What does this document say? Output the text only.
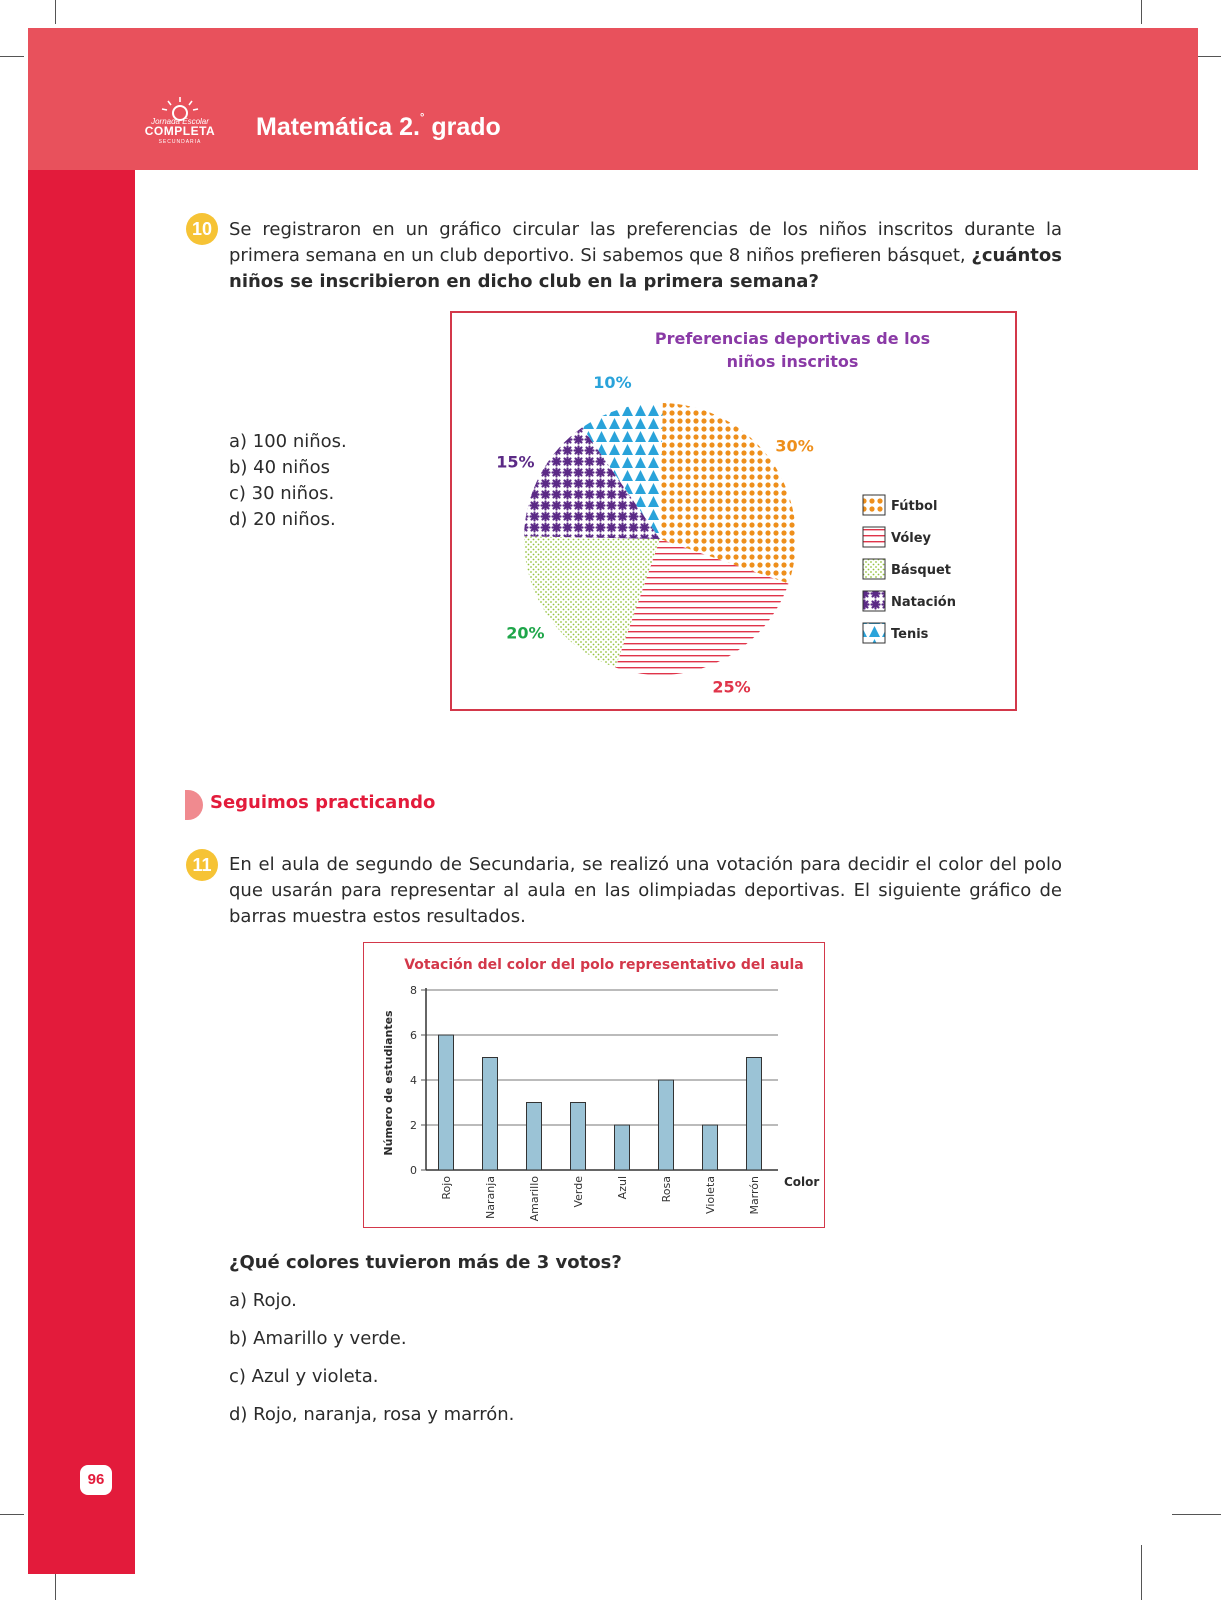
Jornada Escolar
COMPLETA
SECUNDARIA
Matemática 2.° grado
96
10 Se registraron en un gráfico circular las preferencias de los niños inscritos durante la primera semana en un club deportivo. Si sabemos que 8 niños prefieren básquet, ¿cuántos niños se inscribieron en dicho club en la primera semana?
a) 100 niños.
b) 40 niños
c) 30 niños.
d) 20 niños.
30%
25%
20%
15%
10%
Fútbol
Vóley
Básquet
Natación
Tenis
Preferencias deportivas de los niños inscritos
Seguimos practicando
11 En el aula de segundo de Secundaria, se realizó una votación para decidir el color del polo que usarán para representar al aula en las olimpiadas deportivas. El siguiente gráfico de barras muestra estos resultados.
0
2
4
6
8
Rojo	Naranja	Amarillo	Verde	Azul	Rosa	Violeta	Marrón
Votación del color del polo representativo del aula
Número de estudiantes
Color
¿Qué colores tuvieron más de 3 votos?
a) Rojo.
b) Amarillo y verde.
c) Azul y violeta.
d) Rojo, naranja, rosa y marrón.
